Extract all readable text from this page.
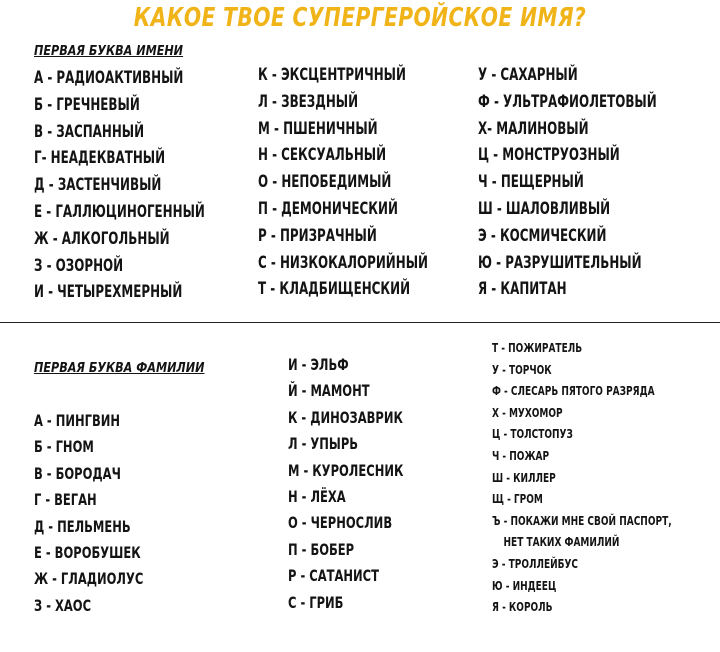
КАКОЕ ТВОЕ СУПЕРГЕРОЙСКОЕ ИМЯ?
ПЕРВАЯ БУКВА ИМЕНИ
А - РАДИОАКТИВНЫЙ
Б - ГРЕЧНЕВЫЙ
В - ЗАСПАННЫЙ
Г- НЕАДЕКВАТНЫЙ
Д - ЗАСТЕНЧИВЫЙ
Е - ГАЛЛЮЦИНОГЕННЫЙ
Ж - АЛКОГОЛЬНЫЙ
З - ОЗОРНОЙ
И - ЧЕТЫРЕХМЕРНЫЙ
К - ЭКСЦЕНТРИЧНЫЙ
Л - ЗВЕЗДНЫЙ
М - ПШЕНИЧНЫЙ
Н - СЕКСУАЛЬНЫЙ
О - НЕПОБЕДИМЫЙ
П - ДЕМОНИЧЕСКИЙ
Р - ПРИЗРАЧНЫЙ
С - НИЗКОКАЛОРИЙНЫЙ
Т - КЛАДБИЩЕНСКИЙ
У - САХАРНЫЙ
Ф - УЛЬТРАФИОЛЕТОВЫЙ
Х- МАЛИНОВЫЙ
Ц - МОНСТРУОЗНЫЙ
Ч - ПЕЩЕРНЫЙ
Ш - ШАЛОВЛИВЫЙ
Э - КОСМИЧЕСКИЙ
Ю - РАЗРУШИТЕЛЬНЫЙ
Я - КАПИТАН
ПЕРВАЯ БУКВА ФАМИЛИИ
А - ПИНГВИН
Б - ГНОМ
В - БОРОДАЧ
Г - ВЕГАН
Д - ПЕЛЬМЕНЬ
Е - ВОРОБУШЕК
Ж - ГЛАДИОЛУС
З - ХАОС
И - ЭЛЬФ
Й - МАМОНТ
К - ДИНОЗАВРИК
Л - УПЫРЬ
М - КУРОЛЕСНИК
Н - ЛЁХА
О - ЧЕРНОСЛИВ
П - БОБЕР
Р - САТАНИСТ
С - ГРИБ
Т - ПОЖИРАТЕЛЬ
У - ТОРЧОК
Ф - СЛЕСАРЬ ПЯТОГО РАЗРЯДА
Х - МУХОМОР
Ц - ТОЛСТОПУЗ
Ч - ПОЖАР
Ш - КИЛЛЕР
Щ - ГРОМ
Ъ - ПОКАЖИ МНЕ СВОЙ ПАСПОРТ,
НЕТ ТАКИХ ФАМИЛИЙ
Э - ТРОЛЛЕЙБУС
Ю - ИНДЕЕЦ
Я - КОРОЛЬ
